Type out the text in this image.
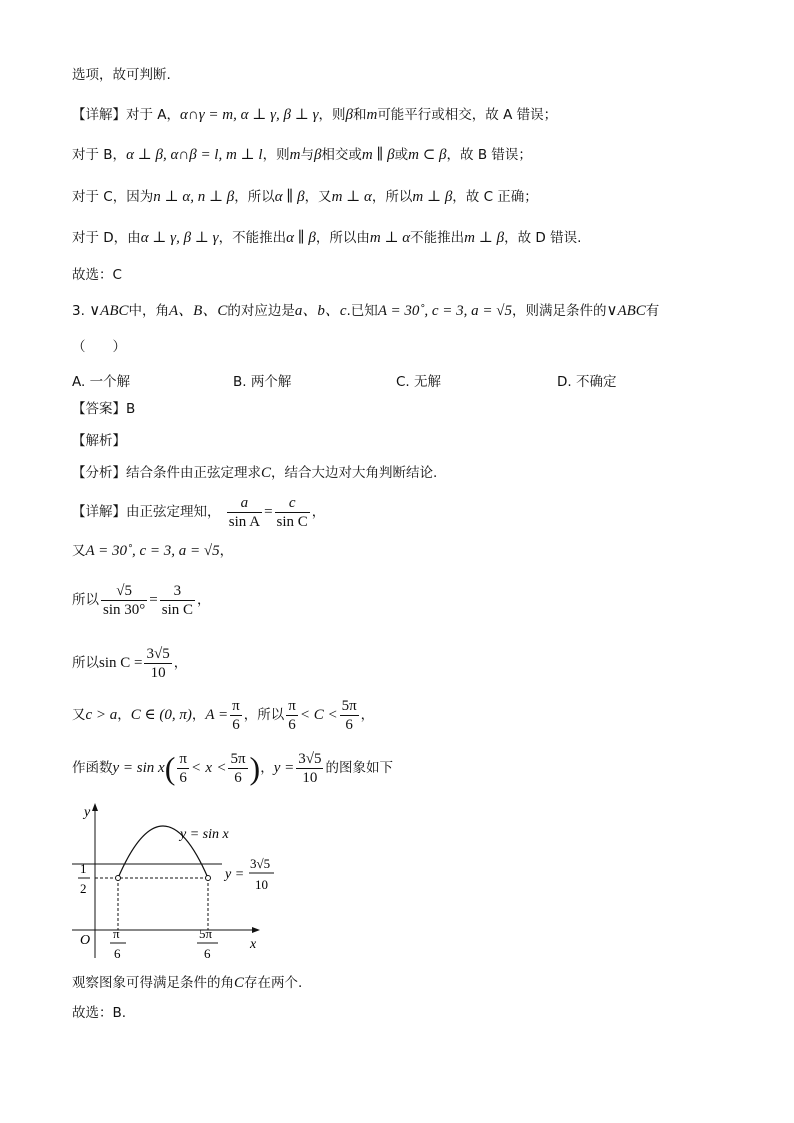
选项，故可判断.
【详解】对于 A，α∩γ = m, α ⊥ γ, β ⊥ γ，则β和m可能平行或相交，故 A 错误；
对于 B，α ⊥ β, α∩β = l, m ⊥ l，则m与β相交或m ∥ β或m ⊂ β，故 B 错误；
对于 C，因为n ⊥ α, n ⊥ β，所以α ∥ β，又m ⊥ α，所以m ⊥ β，故 C 正确；
对于 D，由α ⊥ γ, β ⊥ γ，不能推出α ∥ β，所以由m ⊥ α不能推出m ⊥ β，故 D 错误.
故选：C
3. ∨ABC中，角A、B、C的对应边是a、b、c.已知A = 30˚, c = 3, a = √5，则满足条件的∨ABC有
（　　）
A. 一个解	B. 两个解	C. 无解	D. 不确定
【答案】B
【解析】
【分析】结合条件由正弦定理求C，结合大边对大角判断结论.
【详解】由正弦定理知， $\frac{a}{\text{sin A}} = \frac{c}{\text{sin C}}$ ，
又A = 30˚, c = 3, a = √5，
所以 $\frac{√5}{\sin 30^\circ} = \frac{3}{\text{sin C}}$ ，
所以$\sin C = \frac{3√5}{10}$ ，
又c > a，C ∈ (0, π)，$A = \frac{\pi}{6}$ ，所以 $\frac{\pi}{6} < C < \frac{5\pi}{6}$ ，
作函数$y = \sin x( \frac{\pi}{6} < x < \frac{5\pi}{6}$ )，$y = \frac{3√5}{10}$ 的图象如下
y
x
O
y = sin x
1
2
y =
3√5
10
π
6
5π
6
观察图象可得满足条件的角C存在两个.
故选：B.
